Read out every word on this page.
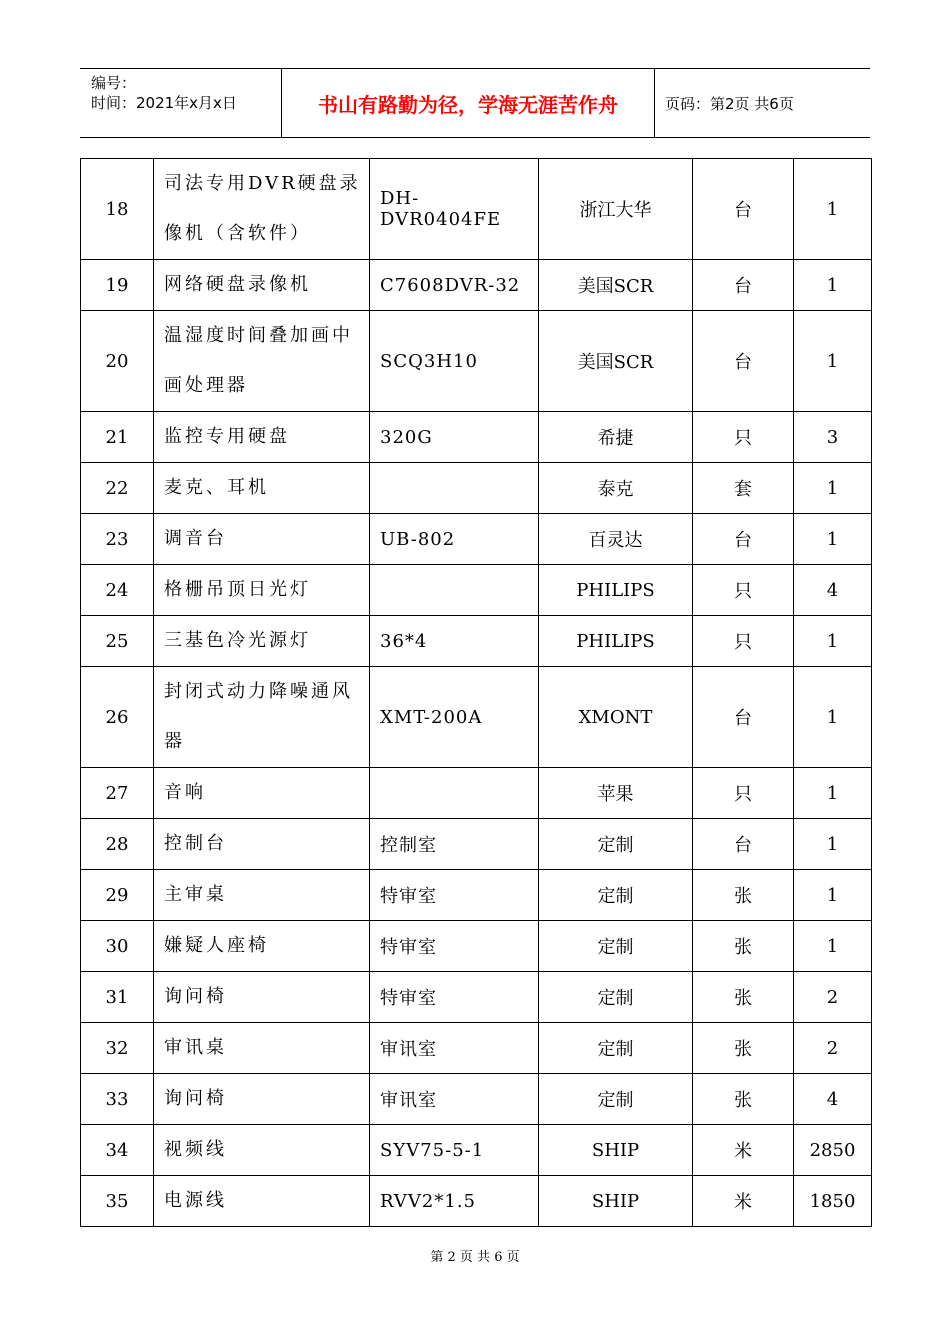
编号：
时间：2021年x月x日	书山有路勤为径，学海无涯苦作舟	页码：第2页 共6页
18	司法专用DVR硬盘录像机（含软件）	DH-DVR0404FE	浙江大华	台	1
19	网络硬盘录像机	C7608DVR-32	美国SCR	台	1
20	温湿度时间叠加画中画处理器	SCQ3H10	美国SCR	台	1
21	监控专用硬盘	320G	希捷	只	3
22	麦克、耳机		泰克	套	1
23	调音台	UB-802	百灵达	台	1
24	格栅吊顶日光灯		PHILIPS	只	4
25	三基色冷光源灯	36*4	PHILIPS	只	1
26	封闭式动力降噪通风器	XMT-200A	XMONT	台	1
27	音响		苹果	只	1
28	控制台	控制室	定制	台	1
29	主审桌	特审室	定制	张	1
30	嫌疑人座椅	特审室	定制	张	1
31	询问椅	特审室	定制	张	2
32	审讯桌	审讯室	定制	张	2
33	询问椅	审讯室	定制	张	4
34	视频线	SYV75-5-1	SHIP	米	2850
35	电源线	RVV2*1.5	SHIP	米	1850
第 2 页 共 6 页
